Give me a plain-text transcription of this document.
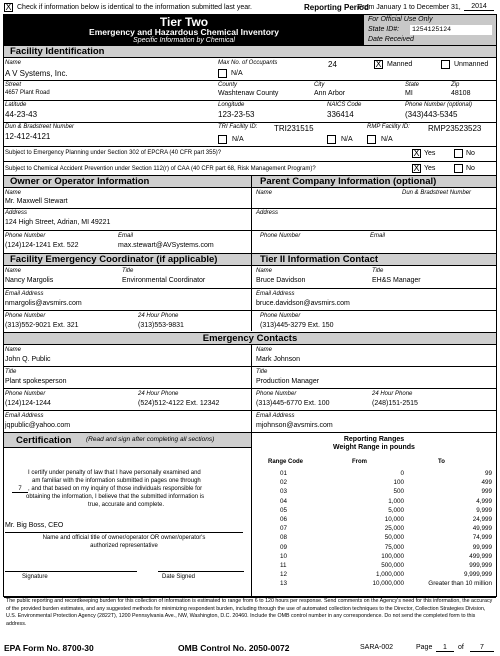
X Check if information below is identical to the information submitted last year.	Reporting Period
From January 1 to December 31,	2014
Tier Two
Emergency and Hazardous Chemical Inventory
Specific Information by Chemical
For Official Use Only
State ID#:	1254125124
Date Received
Facility Identification
Name
A V Systems, Inc.
Max No. of Occupants	24
N/A
X Manned	Unmanned
Street
4657 Plant Road
County
Washtenaw County
City
Ann Arbor
State
MI
Zip
48108
Latitude
44-23-43
Longitude
123-23-53
NAICS Code
336414
Phone Number (optional)
(343)443-5345
Dun & Bradstreet Number
12-412-4121
TRI Facility ID: TRI231515
N/A	N/A
RMP Facility ID: RMP23523523
N/A
Subject to Emergency Planning under Section 302 of EPCRA (40 CFR part 355)?	X Yes	No
Subject to Chemical Accident Prevention under Section 112(r) of CAA (40 CFR part 68, Risk Management Program)?	X Yes	No
Owner or Operator Information	Parent Company Information (optional)
Name
Mr. Maxwell Stewart
Name	Dun & Bradstreet Number
Address
124 High Street, Adrian, MI 49221
Address
Phone Number
(124)124-1241 Ext. 522
Email
max.stewart@AVSystems.com
Phone Number	Email
Facility Emergency Coordinator (if applicable)	Tier II Information Contact
Name
Nancy Margolis
Title
Environmental Coordinator
Name
Bruce Davidson
Title
EH&S Manager
Email Address
nmargolis@avsmirs.com
Email Address
bruce.davidson@avsmirs.com
Phone Number
(313)552-9021 Ext. 321
24 Hour Phone
(313)553-9831
Phone Number
(313)445-3279 Ext. 150
Emergency Contacts
Name
John Q. Public
Name
Mark Johnson
Title
Plant spokesperson
Title
Production Manager
Phone Number
(124)124-1244
24 Hour Phone
(524)512-4122 Ext. 12342
Phone Number
(313)445-6770 Ext. 100
24 Hour Phone
(248)151-2515
Email Address
jqpublic@yahoo.com
Email Address
mjohnson@avsmirs.com
Certification (Read and sign after completing all sections)
I certify under penalty of law that I have personally examined and
am familiar with the information submitted in pages one through
7	, and that based on my inquiry of those individuals responsible for
obtaining the information, I believe that the submitted information is
true, accurate and complete.
Mr. Big Boss, CEO
Name and official title of owner/operator OR owner/operator's
authorized representative
Signature	Date Signed
Reporting Ranges
Weight Range in pounds
Range Code	From	To
01	0	99
02	100	499
03	500	999
04	1,000	4,999
05	5,000	9,999
06	10,000	24,999
07	25,000	49,999
08	50,000	74,999
09	75,000	99,999
10	100,000	499,999
11	500,000	999,999
12	1,000,000	9,999,999
13	10,000,000	Greater than 10 million
The public reporting and recordkeeping burden for this collection of information is estimated to range from 6 to 120 hours per response. Send comments on the Agency's need for this information, the accuracy of the provided burden estimates, and any suggested methods for minimizing respondent burden, including through the use of automated collection techniques to the Director, Collection Strategies Division, U.S. Environmental Protection Agency (2822T), 1200 Pennsylvania Ave., NW, Washington, D.C. 20460. Include the OMB control number in any correspondence. Do not send the completed form to this address.
EPA Form No. 8700-30	OMB Control No. 2050-0072	SARA-002	Page	1	of	7
